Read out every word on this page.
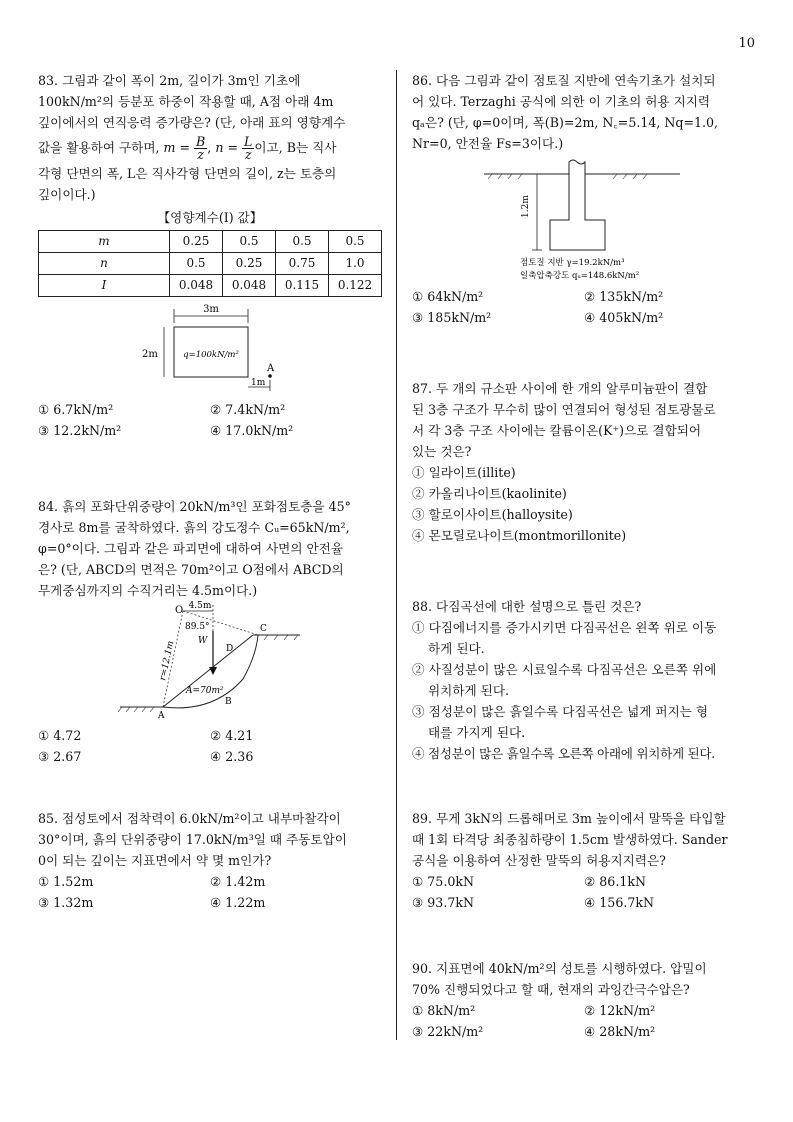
10

83. 그림과 같이 폭이 2m, 길이가 3m인 기초에

100kN/m²의 등분포 하중이 작용할 때, A점 아래 4m

깊이에서의 연직응력 증가량은? (단, 아래 표의 영향계수

값을 활용하여 구하며, $m = \frac{B}{z}$ , $n = \frac{L}{z}$ 이고, B는 직사

각형 단면의 폭, L은 직사각형 단면의 길이, z는 토층의

깊이이다.)

【영향계수(I) 값】
m	0.25	0.5	0.5	0.5
n	0.5	0.25	0.75	1.0
I	0.048	0.048	0.115	0.122
3m
2m	q=100kN/m²
A
1m
① 6.7kN/m²	② 7.4kN/m²
③ 12.2kN/m²	④ 17.0kN/m²

84. 흙의 포화단위중량이 20kN/m³인 포화점토층을 45°

경사로 8m를 굴착하였다. 흙의 강도정수 Cᵤ=65kN/m²,

φ=0°이다. 그림과 같은 파괴면에 대하여 사면의 안전율

은? (단, ABCD의 면적은 70m²이고 O점에서 ABCD의

무게중심까지의 수직거리는 4.5m이다.)

4.5m
O
89.5°
r=12.1m W
D
C
A=70m²
B
A
① 4.72	② 4.21
③ 2.67	④ 2.36

85. 점성토에서 점착력이 6.0kN/m²이고 내부마찰각이

30°이며, 흙의 단위중량이 17.0kN/m³일 때 주동토압이

0이 되는 깊이는 지표면에서 약 몇 m인가?

① 1.52m	② 1.42m
③ 1.32m	④ 1.22m

86. 다음 그림과 같이 점토질 지반에 연속기초가 설치되

어 있다. Terzaghi 공식에 의한 이 기초의 허용 지지력

qₐ은? (단, φ=0이며, 폭(B)=2m, N꜀=5.14, Nq=1.0,

Nr=0, 안전율 Fs=3이다.)

1.2m
점토질 지반 γ=19.2kN/m³
일축압축강도 qᵤ=148.6kN/m²
① 64kN/m²	② 135kN/m²
③ 185kN/m²	④ 405kN/m²

87. 두 개의 규소판 사이에 한 개의 알루미늄판이 결합

된 3층 구조가 무수히 많이 연결되어 형성된 점토광물로

서 각 3층 구조 사이에는 칼륨이온(K⁺)으로 결합되어

있는 것은?

① 일라이트(illite)
② 카올리나이트(kaolinite)
③ 할로이사이트(halloysite)
④ 몬모릴로나이트(montmorillonite)

88. 다짐곡선에 대한 설명으로 틀린 것은?

① 다짐에너지를 증가시키면 다짐곡선은 왼쪽 위로 이동

하게 된다.

② 사질성분이 많은 시료일수록 다짐곡선은 오른쪽 위에

위치하게 된다.

③ 점성분이 많은 흙일수록 다짐곡선은 넓게 퍼지는 형

태를 가지게 된다.

④ 점성분이 많은 흙일수록 오른쪽 아래에 위치하게 된다.

89. 무게 3kN의 드롭해머로 3m 높이에서 말뚝을 타입할

때 1회 타격당 최종침하량이 1.5cm 발생하였다. Sander

공식을 이용하여 산정한 말뚝의 허용지지력은?

① 75.0kN	② 86.1kN
③ 93.7kN	④ 156.7kN

90. 지표면에 40kN/m²의 성토를 시행하였다. 압밀이

70% 진행되었다고 할 때, 현재의 과잉간극수압은?

① 8kN/m²	② 12kN/m²
③ 22kN/m²	④ 28kN/m²
